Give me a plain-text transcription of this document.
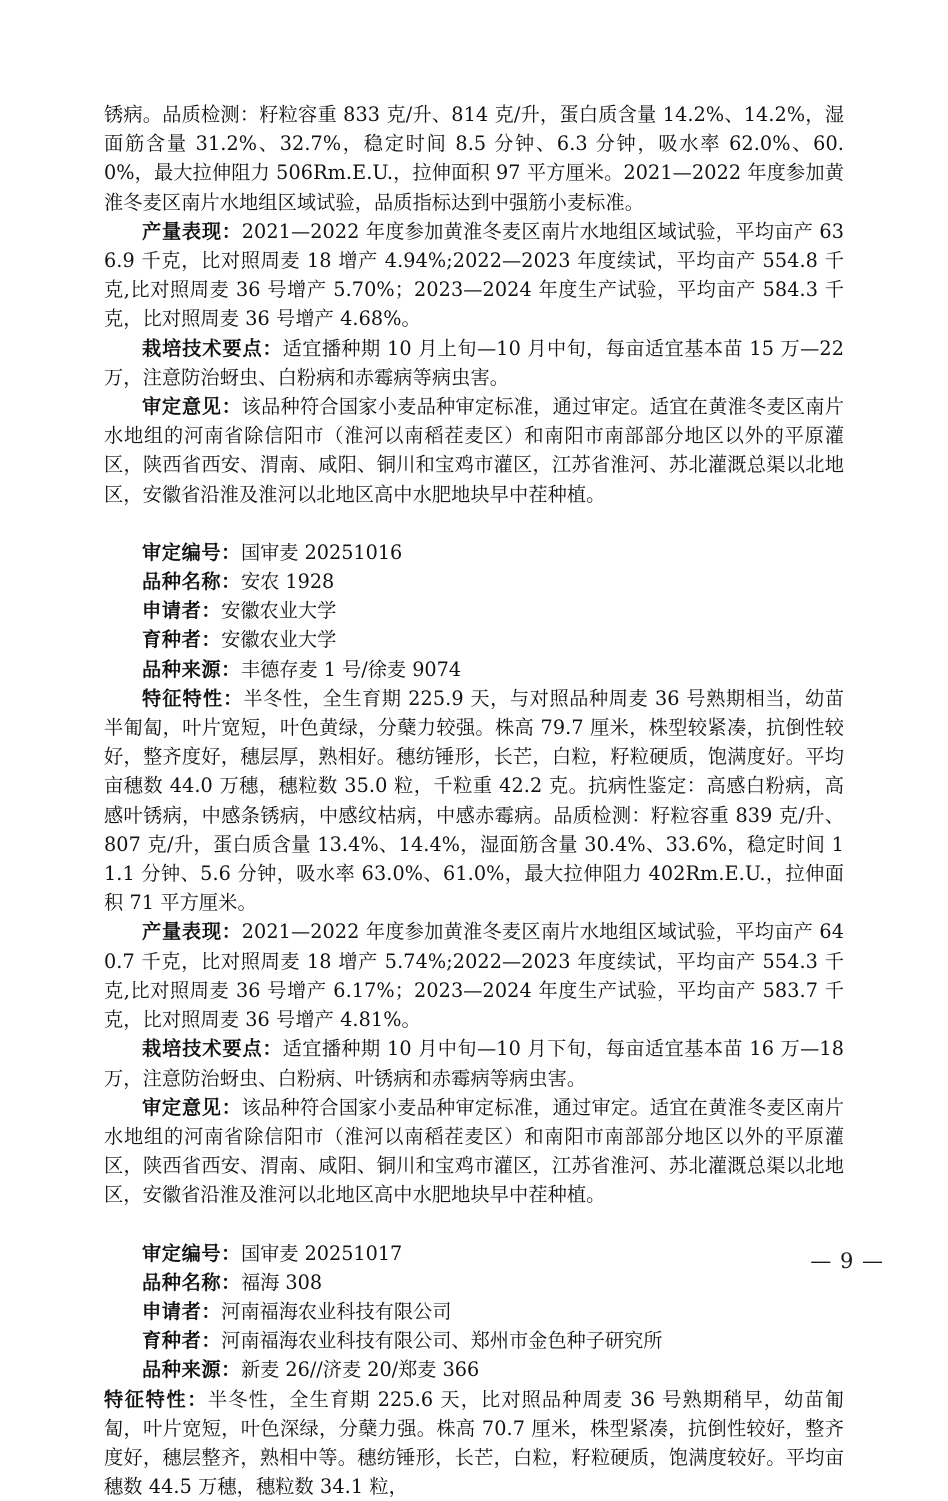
锈病。品质检测：籽粒容重 833 克/升、814 克/升，蛋白质含量 14.2%、14.2%，湿面筋含量 31.2%、32.7%，稳定时间 8.5 分钟、6.3 分钟，吸水率 62.0%、60.0%，最大拉伸阻力 506Rm.E.U.，拉伸面积 97 平方厘米。2021—2022 年度参加黄淮冬麦区南片水地组区域试验，品质指标达到中强筋小麦标准。

产量表现：2021—2022 年度参加黄淮冬麦区南片水地组区域试验，平均亩产 636.9 千克，比对照周麦 18 增产 4.94%;2022—2023 年度续试，平均亩产 554.8 千克,比对照周麦 36 号增产 5.70%；2023—2024 年度生产试验，平均亩产 584.3 千克，比对照周麦 36 号增产 4.68%。

栽培技术要点：适宜播种期 10 月上旬—10 月中旬，每亩适宜基本苗 15 万—22 万，注意防治蚜虫、白粉病和赤霉病等病虫害。

审定意见：该品种符合国家小麦品种审定标准，通过审定。适宜在黄淮冬麦区南片水地组的河南省除信阳市（淮河以南稻茬麦区）和南阳市南部部分地区以外的平原灌区，陕西省西安、渭南、咸阳、铜川和宝鸡市灌区，江苏省淮河、苏北灌溉总渠以北地区，安徽省沿淮及淮河以北地区高中水肥地块早中茬种植。

审定编号：国审麦 20251016

品种名称：安农 1928

申请者：安徽农业大学

育种者：安徽农业大学

品种来源：丰德存麦 1 号/徐麦 9074

特征特性：半冬性，全生育期 225.9 天，与对照品种周麦 36 号熟期相当，幼苗半匍匐，叶片宽短，叶色黄绿，分蘖力较强。株高 79.7 厘米，株型较紧凑，抗倒性较好，整齐度好，穗层厚，熟相好。穗纺锤形，长芒，白粒，籽粒硬质，饱满度好。平均亩穗数 44.0 万穗，穗粒数 35.0 粒，千粒重 42.2 克。抗病性鉴定：高感白粉病，高感叶锈病，中感条锈病，中感纹枯病，中感赤霉病。品质检测：籽粒容重 839 克/升、807 克/升，蛋白质含量 13.4%、14.4%，湿面筋含量 30.4%、33.6%，稳定时间 11.1 分钟、5.6 分钟，吸水率 63.0%、61.0%，最大拉伸阻力 402Rm.E.U.，拉伸面积 71 平方厘米。

产量表现：2021—2022 年度参加黄淮冬麦区南片水地组区域试验，平均亩产 640.7 千克，比对照周麦 18 增产 5.74%;2022—2023 年度续试，平均亩产 554.3 千克,比对照周麦 36 号增产 6.17%；2023—2024 年度生产试验，平均亩产 583.7 千克，比对照周麦 36 号增产 4.81%。

栽培技术要点：适宜播种期 10 月中旬—10 月下旬，每亩适宜基本苗 16 万—18 万，注意防治蚜虫、白粉病、叶锈病和赤霉病等病虫害。

审定意见：该品种符合国家小麦品种审定标准，通过审定。适宜在黄淮冬麦区南片水地组的河南省除信阳市（淮河以南稻茬麦区）和南阳市南部部分地区以外的平原灌区，陕西省西安、渭南、咸阳、铜川和宝鸡市灌区，江苏省淮河、苏北灌溉总渠以北地区，安徽省沿淮及淮河以北地区高中水肥地块早中茬种植。

审定编号：国审麦 20251017

品种名称：福海 308

申请者：河南福海农业科技有限公司

育种者：河南福海农业科技有限公司、郑州市金色种子研究所

品种来源：新麦 26//济麦 20/郑麦 366

特征特性：半冬性，全生育期 225.6 天，比对照品种周麦 36 号熟期稍早，幼苗匍匐，叶片宽短，叶色深绿，分蘖力强。株高 70.7 厘米，株型紧凑，抗倒性较好，整齐度好，穗层整齐，熟相中等。穗纺锤形，长芒，白粒，籽粒硬质，饱满度较好。平均亩穗数 44.5 万穗，穗粒数 34.1 粒，

— 9 —
